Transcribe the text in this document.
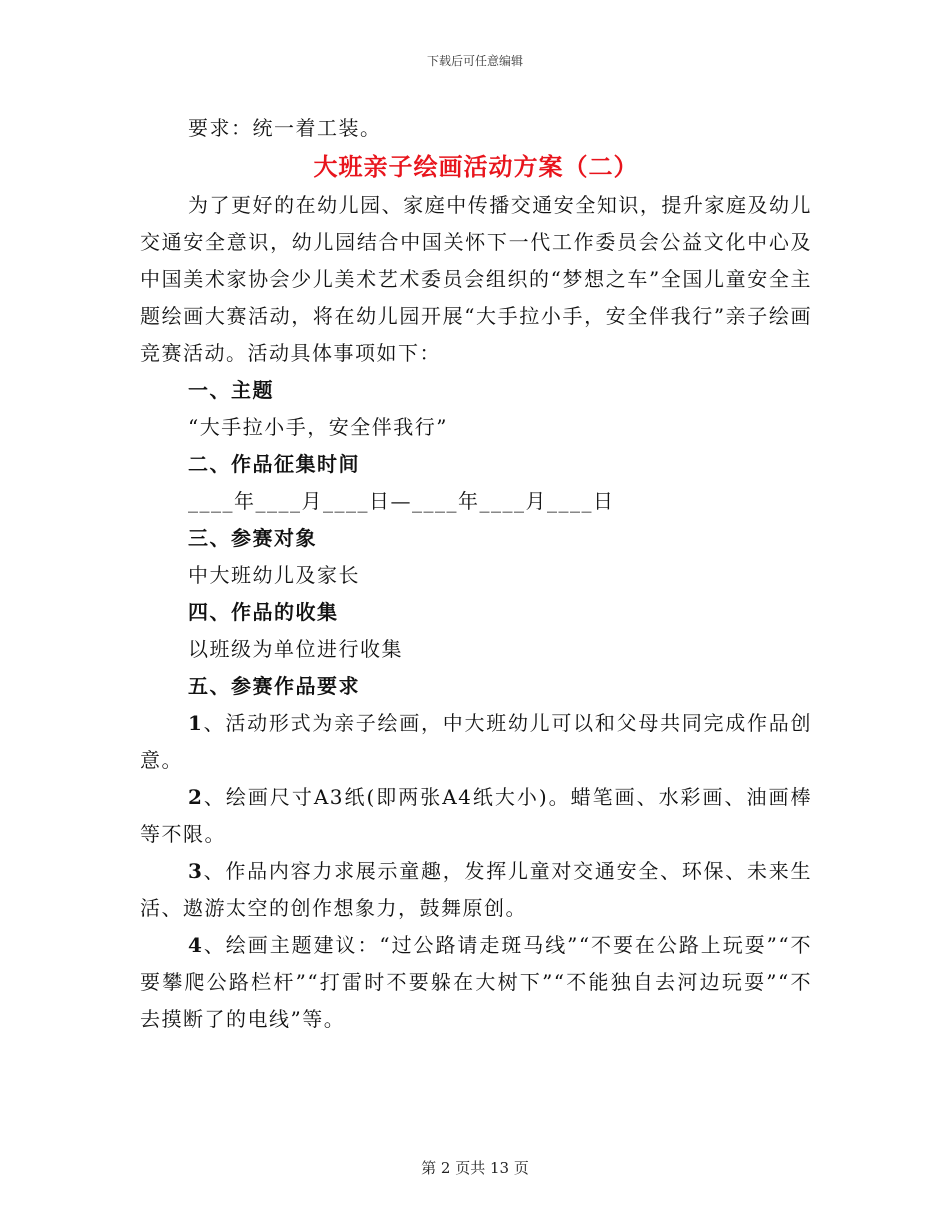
下载后可任意编辑

要求：统一着工装。

大班亲子绘画活动方案（二）

为了更好的在幼儿园、家庭中传播交通安全知识，提升家庭及幼儿交通安全意识，幼儿园结合中国关怀下一代工作委员会公益文化中心及中国美术家协会少儿美术艺术委员会组织的“梦想之车”全国儿童安全主题绘画大赛活动，将在幼儿园开展“大手拉小手，安全伴我行”亲子绘画竞赛活动。活动具体事项如下：

一、主题

“大手拉小手，安全伴我行”

二、作品征集时间

____年____月____日—____年____月____日

三、参赛对象

中大班幼儿及家长

四、作品的收集

以班级为单位进行收集

五、参赛作品要求

1、活动形式为亲子绘画，中大班幼儿可以和父母共同完成作品创意。

2、绘画尺寸A3纸(即两张A4纸大小)。蜡笔画、水彩画、油画棒等不限。

3、作品内容力求展示童趣，发挥儿童对交通安全、环保、未来生活、遨游太空的创作想象力，鼓舞原创。

4、绘画主题建议：“过公路请走斑马线”“不要在公路上玩耍”“不要攀爬公路栏杆”“打雷时不要躲在大树下”“不能独自去河边玩耍”“不去摸断了的电线”等。

第 2 页共 13 页
